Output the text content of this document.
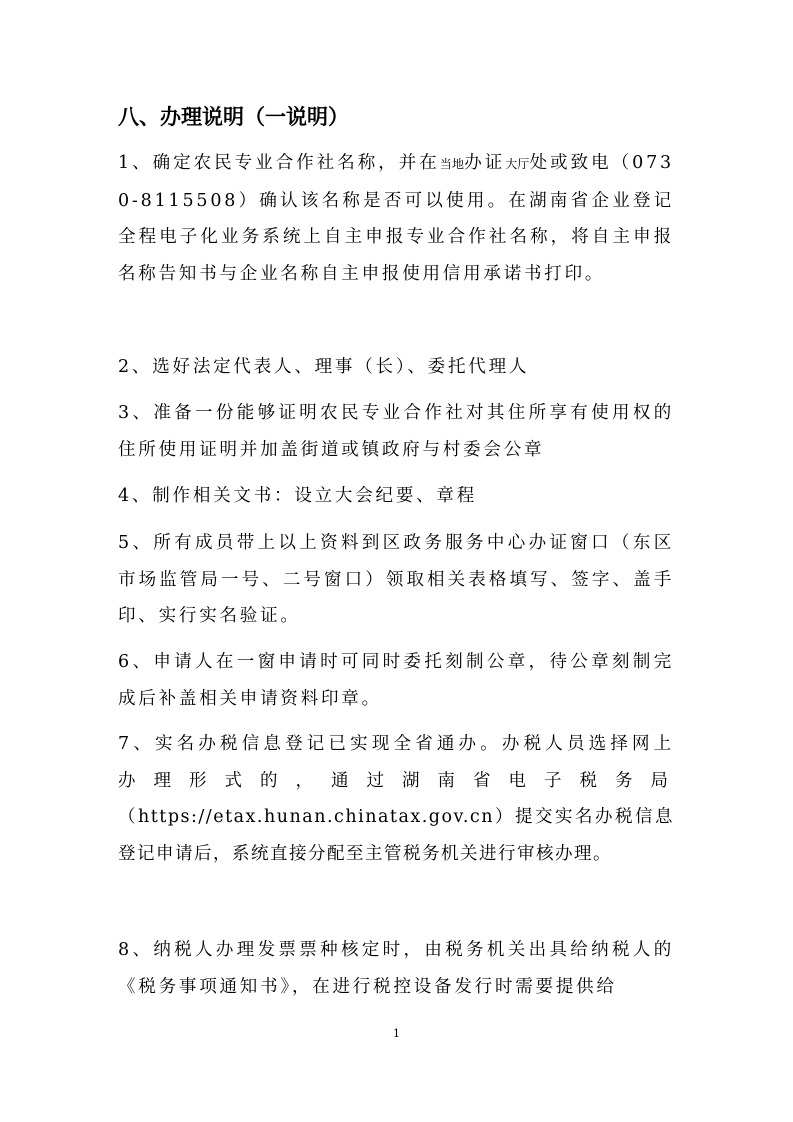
八、办理说明（一说明）

1、确定农民专业合作社名称，并在当地办证大厅处或致电（0730-8115508）确认该名称是否可以使用。在湖南省企业登记全程电子化业务系统上自主申报专业合作社名称，将自主申报名称告知书与企业名称自主申报使用信用承诺书打印。

2、选好法定代表人、理事（长）、委托代理人

3、准备一份能够证明农民专业合作社对其住所享有使用权的住所使用证明并加盖街道或镇政府与村委会公章

4、制作相关文书：设立大会纪要、章程

5、所有成员带上以上资料到区政务服务中心办证窗口（东区市场监管局一号、二号窗口）领取相关表格填写、签字、盖手印、实行实名验证。

6、申请人在一窗申请时可同时委托刻制公章，待公章刻制完成后补盖相关申请资料印章。

7、实名办税信息登记已实现全省通办。办税人员选择网上
办理形式的，通过湖南省电子税务局
（https://etax.hunan.chinatax.gov.cn）提交实名办税信息登记申请后，系统直接分配至主管税务机关进行审核办理。

8、纳税人办理发票票种核定时，由税务机关出具给纳税人的《税务事项通知书》，在进行税控设备发行时需要提供给

1
